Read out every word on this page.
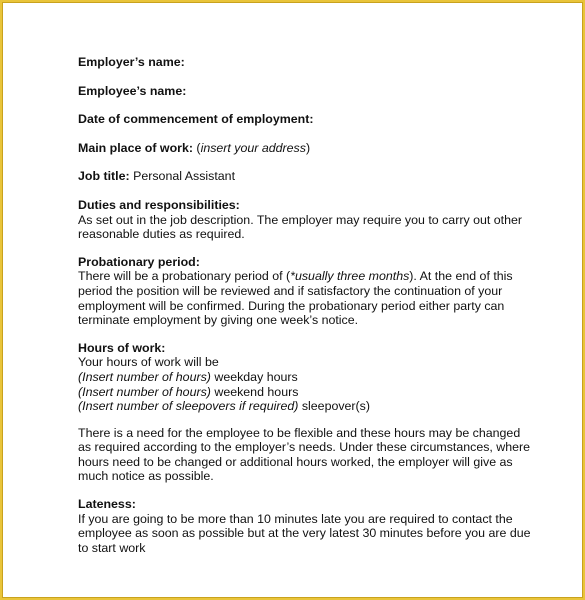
Employer’s name:
Employee’s name:
Date of commencement of employment:
Main place of work: (insert your address)
Job title: Personal Assistant
Duties and responsibilities:
As set out in the job description. The employer may require you to carry out other
reasonable duties as required.
Probationary period:
There will be a probationary period of (*usually three months). At the end of this
period the position will be reviewed and if satisfactory the continuation of your
employment will be confirmed. During the probationary period either party can
terminate employment by giving one week’s notice.
Hours of work:
Your hours of work will be
(Insert number of hours) weekday hours
(Insert number of hours) weekend hours
(Insert number of sleepovers if required) sleepover(s)
There is a need for the employee to be flexible and these hours may be changed
as required according to the employer’s needs. Under these circumstances, where
hours need to be changed or additional hours worked, the employer will give as
much notice as possible.
Lateness:
If you are going to be more than 10 minutes late you are required to contact the
employee as soon as possible but at the very latest 30 minutes before you are due
to start work
